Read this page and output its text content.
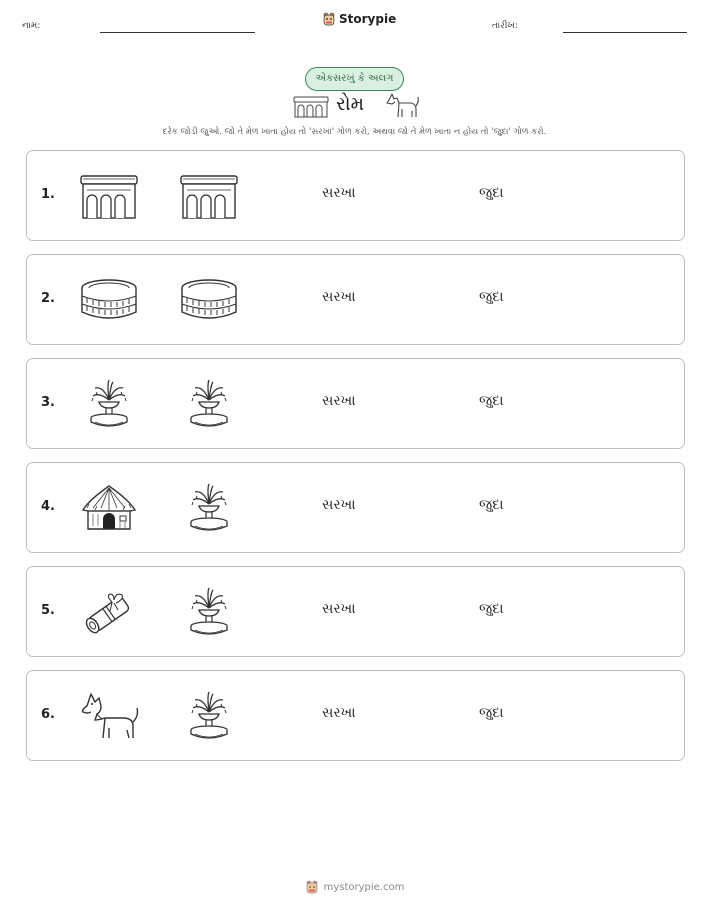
નામ:	Storypie	તારીખ:
એકસરખું કે અલગ
રોમ
દરેક જોડી જુઓ. જો તે મેળ ખાતા હોય તો 'સરખા' ગોળ કરો, અથવા જો તે મેળ ખાતા ન હોય તો 'જુદા' ગોળ કરો.
1.	સરખા	જુદા
2.	સરખા	જુદા
3.	સરખા	જુદા
4.	સરખા	જુદા
5.	સરખા	જુદા
6.	સરખા	જુદા
mystorypie.com
